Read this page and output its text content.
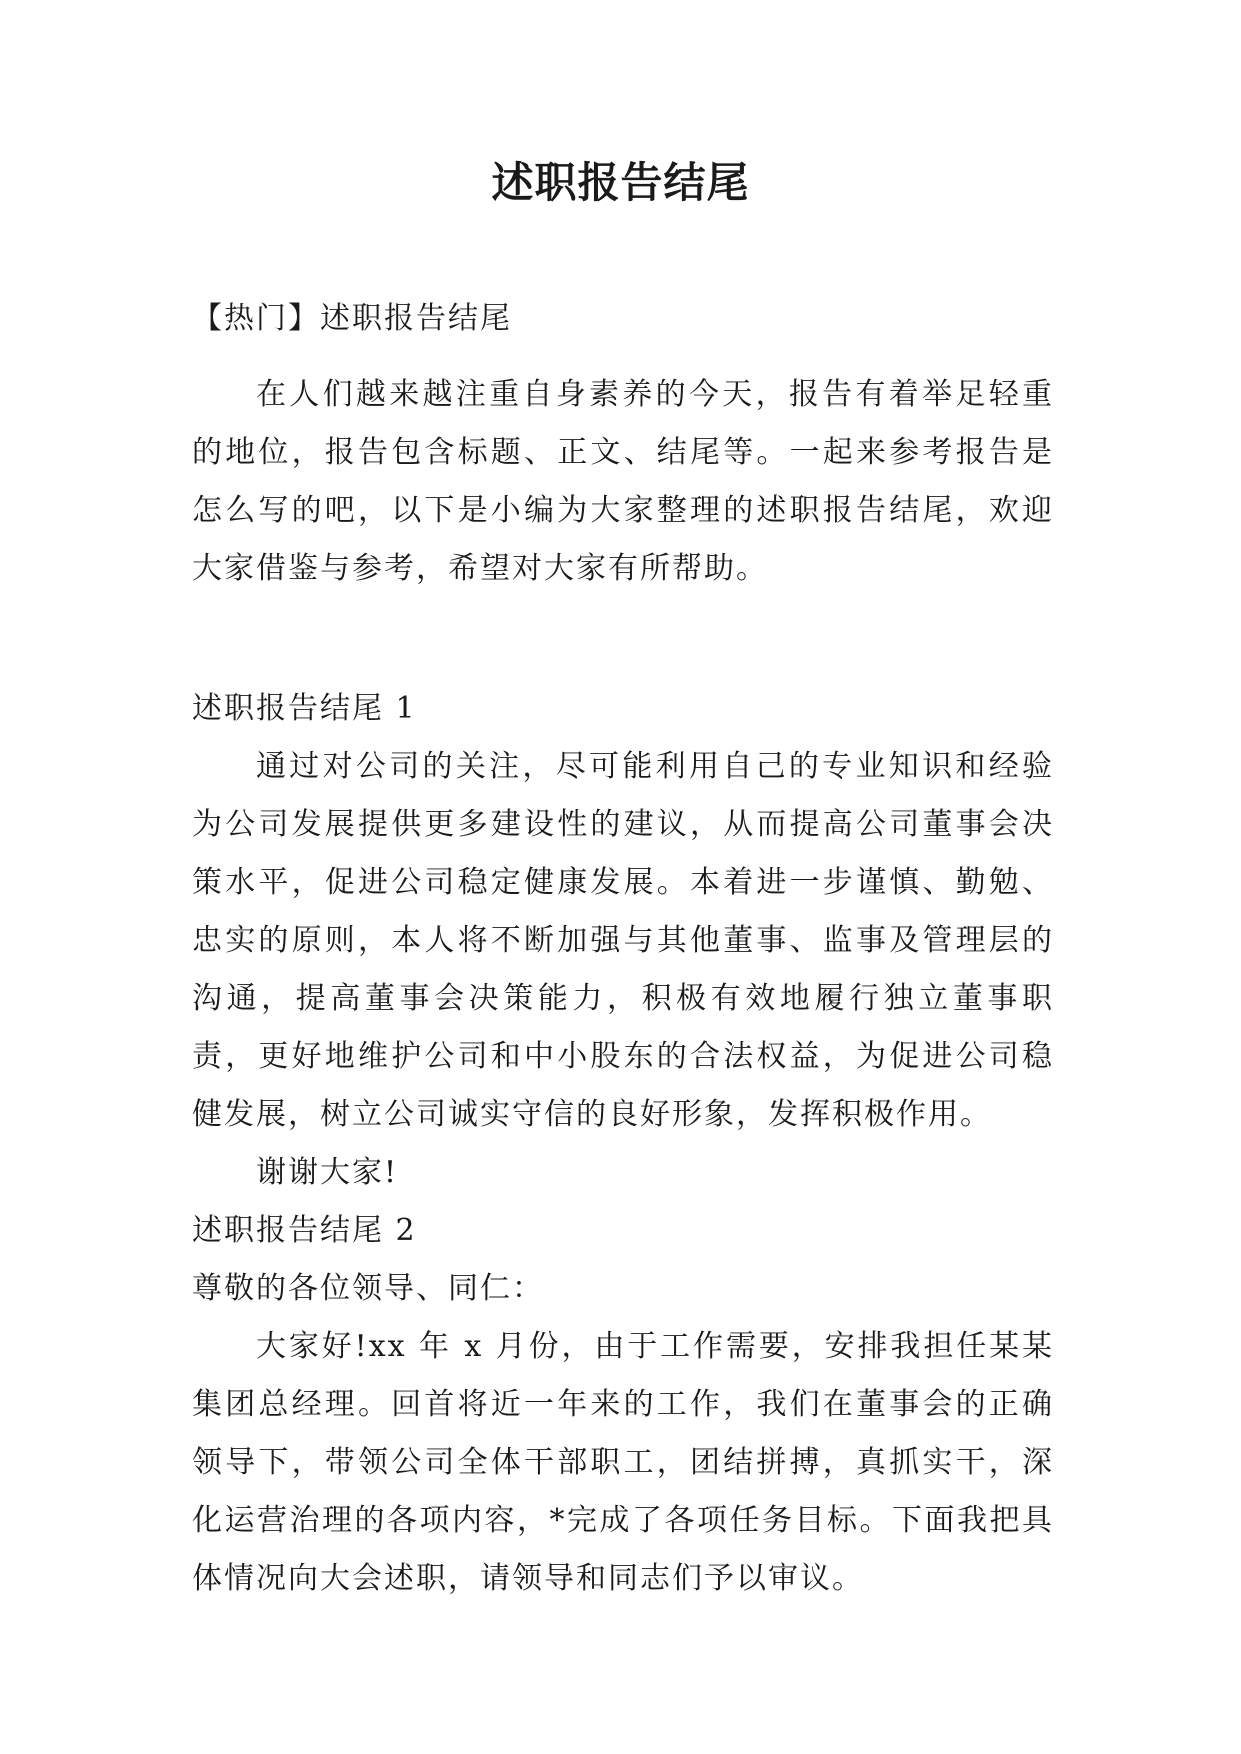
述职报告结尾
【热门】述职报告结尾

在人们越来越注重自身素养的今天，报告有着举足轻重的地位，报告包含标题、正文、结尾等。一起来参考报告是怎么写的吧，以下是小编为大家整理的述职报告结尾，欢迎大家借鉴与参考，希望对大家有所帮助。

述职报告结尾 1

通过对公司的关注，尽可能利用自己的专业知识和经验为公司发展提供更多建设性的建议，从而提高公司董事会决策水平，促进公司稳定健康发展。本着进一步谨慎、勤勉、忠实的原则，本人将不断加强与其他董事、监事及管理层的沟通，提高董事会决策能力，积极有效地履行独立董事职责，更好地维护公司和中小股东的合法权益，为促进公司稳健发展，树立公司诚实守信的良好形象，发挥积极作用。

谢谢大家!

述职报告结尾 2
尊敬的各位领导、同仁：

大家好!xx 年 x 月份，由于工作需要，安排我担任某某集团总经理。回首将近一年来的工作，我们在董事会的正确领导下，带领公司全体干部职工，团结拼搏，真抓实干，深化运营治理的各项内容，*完成了各项任务目标。下面我把具体情况向大会述职，请领导和同志们予以审议。
